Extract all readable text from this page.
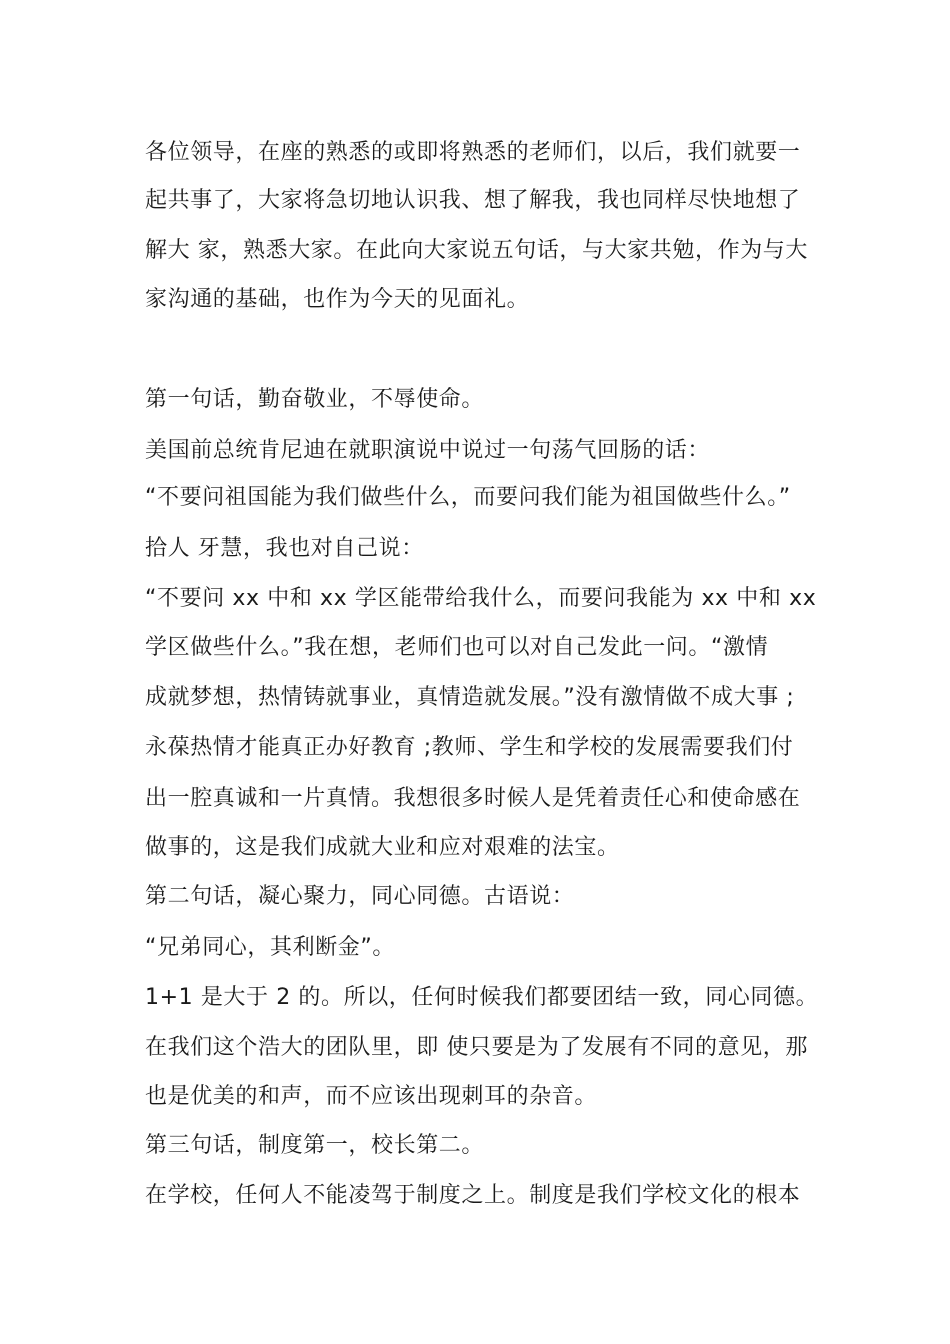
各位领导，在座的熟悉的或即将熟悉的老师们，以后，我们就要一

起共事了，大家将急切地认识我、想了解我，我也同样尽快地想了

解大 家，熟悉大家。在此向大家说五句话，与大家共勉，作为与大

家沟通的基础，也作为今天的见面礼。

第一句话，勤奋敬业，不辱使命。

美国前总统肯尼迪在就职演说中说过一句荡气回肠的话：

“不要问祖国能为我们做些什么，而要问我们能为祖国做些什么。”

拾人 牙慧，我也对自己说：

“不要问 xx 中和 xx 学区能带给我什么，而要问我能为 xx 中和 xx

学区做些什么。”我在想，老师们也可以对自己发此一问。“激情

成就梦想，热情铸就事业，真情造就发展。”没有激情做不成大事 ;

永葆热情才能真正办好教育 ;教师、学生和学校的发展需要我们付

出一腔真诚和一片真情。我想很多时候人是凭着责任心和使命感在

做事的，这是我们成就大业和应对艰难的法宝。

第二句话，凝心聚力，同心同德。古语说：

“兄弟同心，其利断金”。

1+1 是大于 2 的。所以，任何时候我们都要团结一致，同心同德。

在我们这个浩大的团队里，即 使只要是为了发展有不同的意见，那

也是优美的和声，而不应该出现刺耳的杂音。

第三句话，制度第一，校长第二。

在学校，任何人不能凌驾于制度之上。制度是我们学校文化的根本
